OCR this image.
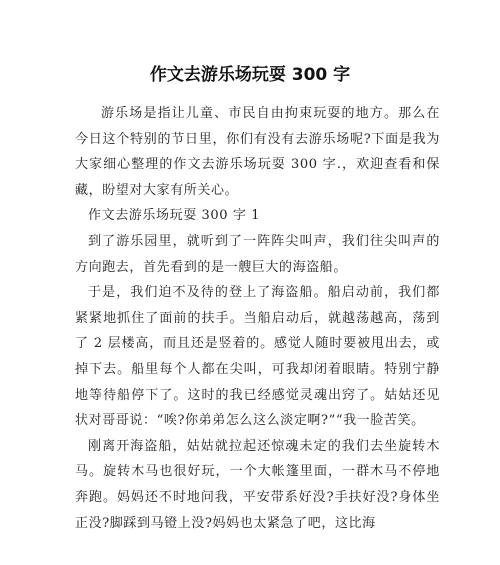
作文去游乐场玩耍 300 字

游乐场是指让儿童、市民自由拘束玩耍的地方。那么在今日这个特别的节日里，你们有没有去游乐场呢?下面是我为大家细心整理的作文去游乐场玩耍 300 字.，欢迎查看和保藏，盼望对大家有所关心。

作文去游乐场玩耍 300 字 1

到了游乐园里，就听到了一阵阵尖叫声，我们往尖叫声的方向跑去，首先看到的是一艘巨大的海盗船。

于是，我们迫不及待的登上了海盗船。船启动前，我们都紧紧地抓住了面前的扶手。当船启动后，就越荡越高，荡到了 2 层楼高，而且还是竖着的。感觉人随时要被甩出去，或掉下去。船里每个人都在尖叫，可我却闭着眼睛。特别宁静地等待船停下了。这时的我已经感觉灵魂出窍了。姑姑还见状对哥哥说：“唉?你弟弟怎么这么淡定啊?”“我一脸苦笑。

刚离开海盗船，姑姑就拉起还惊魂未定的我们去坐旋转木马。旋转木马也很好玩，一个大帐篷里面，一群木马不停地奔跑。妈妈还不时地问我，平安带系好没?手扶好没?身体坐正没?脚踩到马镫上没?妈妈也太紧急了吧，这比海
